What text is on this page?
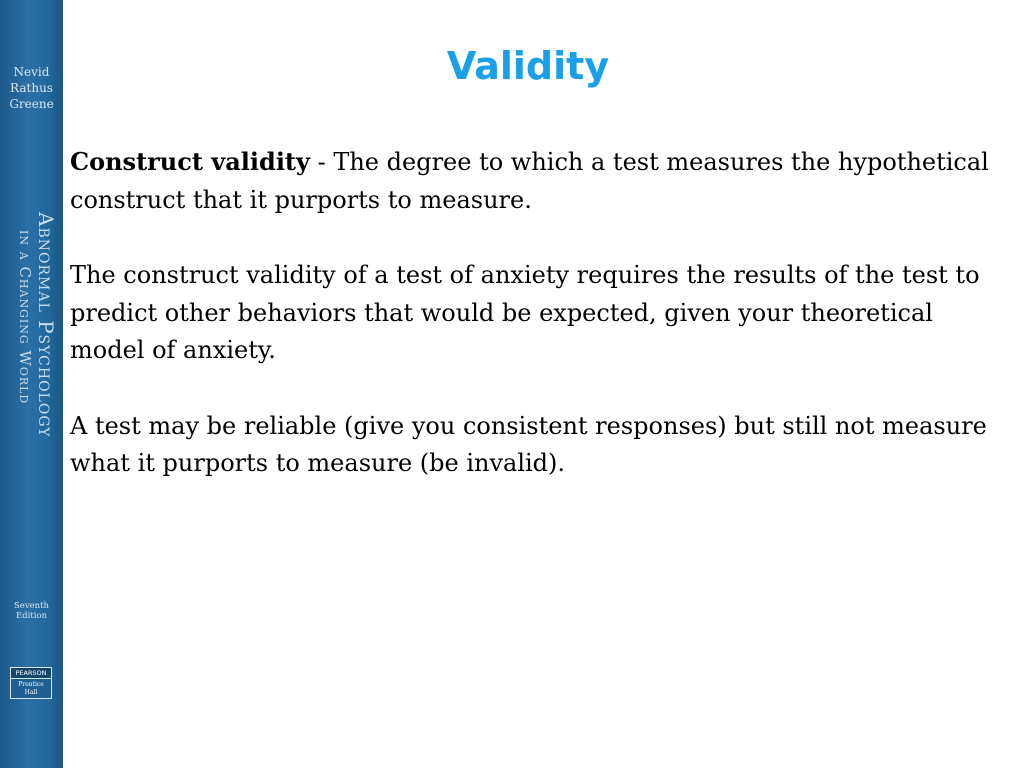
Nevid
Rathus
Greene
Abnormal Psychology
in a Changing World
Seventh
Edition
PEARSON
Prentice
Hall
Validity

Construct validity - The degree to which a test measures the hypothetical construct that it purports to measure.

The construct validity of a test of anxiety requires the results of the test to predict other behaviors that would be expected, given your theoretical model of anxiety.

A test may be reliable (give you consistent responses) but still not measure what it purports to measure (be invalid).
